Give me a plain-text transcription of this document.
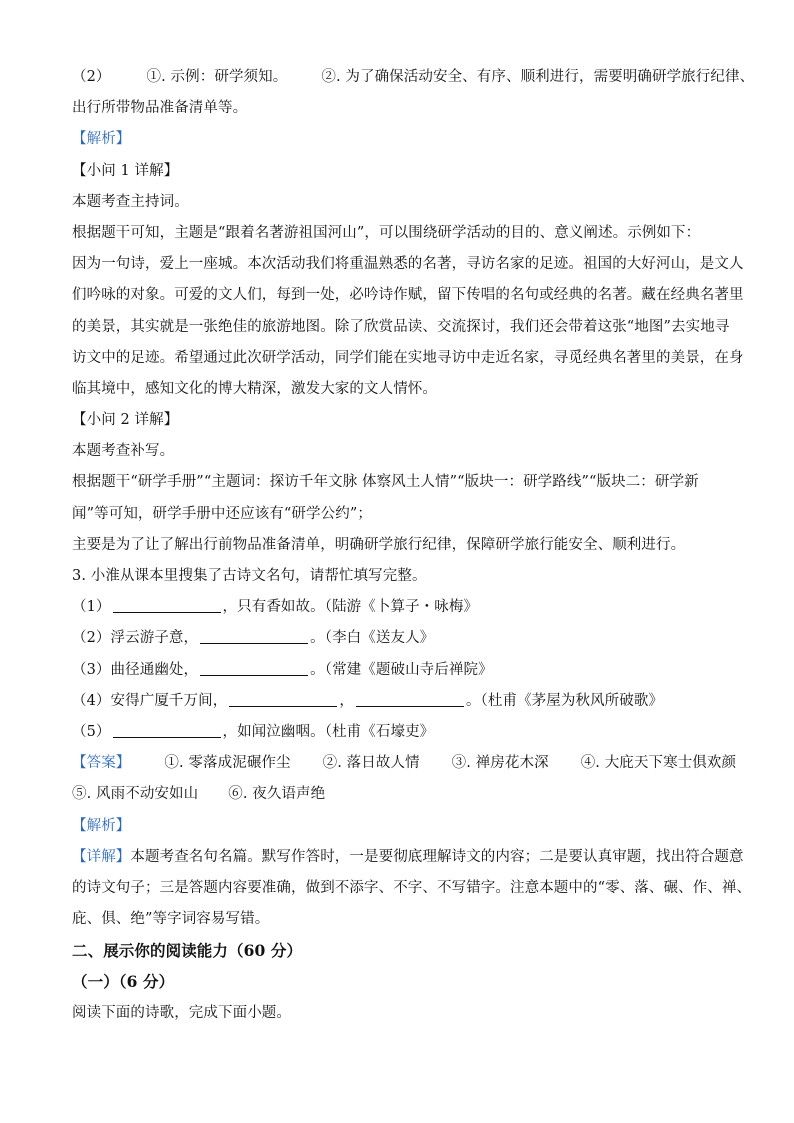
（2） ①. 示例：研学须知。 ②. 为了确保活动安全、有序、顺利进行，需要明确研学旅行纪律、
出行所带物品准备清单等。
【解析】
【小问 1 详解】
本题考查主持词。
根据题干可知，主题是“跟着名著游祖国河山”，可以围绕研学活动的目的、意义阐述。示例如下：
因为一句诗，爱上一座城。本次活动我们将重温熟悉的名著，寻访名家的足迹。祖国的大好河山，是文人
们吟咏的对象。可爱的文人们，每到一处，必吟诗作赋，留下传唱的名句或经典的名著。藏在经典名著里
的美景，其实就是一张绝佳的旅游地图。除了欣赏品读、交流探讨，我们还会带着这张“地图”去实地寻
访文中的足迹。希望通过此次研学活动，同学们能在实地寻访中走近名家，寻觅经典名著里的美景，在身
临其境中，感知文化的博大精深，激发大家的文人情怀。
【小问 2 详解】
本题考查补写。
根据题干“研学手册”“主题词：探访千年文脉 体察风土人情”“版块一：研学路线”“版块二：研学新
闻”等可知，研学手册中还应该有“研学公约”；
主要是为了让了解出行前物品准备清单，明确研学旅行纪律，保障研学旅行能安全、顺利进行。
3. 小淮从课本里搜集了古诗文名句，请帮忙填写完整。
（1）	，只有香如故。（陆游《卜算子・咏梅》
（2）浮云游子意，	。（李白《送友人》
（3）曲径通幽处，	。（常建《题破山寺后禅院》
（4）安得广厦千万间，	，	。（杜甫《茅屋为秋风所破歌》
（5）	，如闻泣幽咽。（杜甫《石壕吏》
【答案】 ①. 零落成泥碾作尘 ②. 落日故人情 ③. 禅房花木深 ④. 大庇天下寒士俱欢颜
⑤. 风雨不动安如山 ⑥. 夜久语声绝
【解析】
【详解】本题考查名句名篇。默写作答时，一是要彻底理解诗文的内容；二是要认真审题，找出符合题意
的诗文句子；三是答题内容要准确，做到不添字、不字、不写错字。注意本题中的“零、落、碾、作、禅、
庇、俱、绝”等字词容易写错。
二、展示你的阅读能力（60 分）
（一）（6 分）
阅读下面的诗歌，完成下面小题。
